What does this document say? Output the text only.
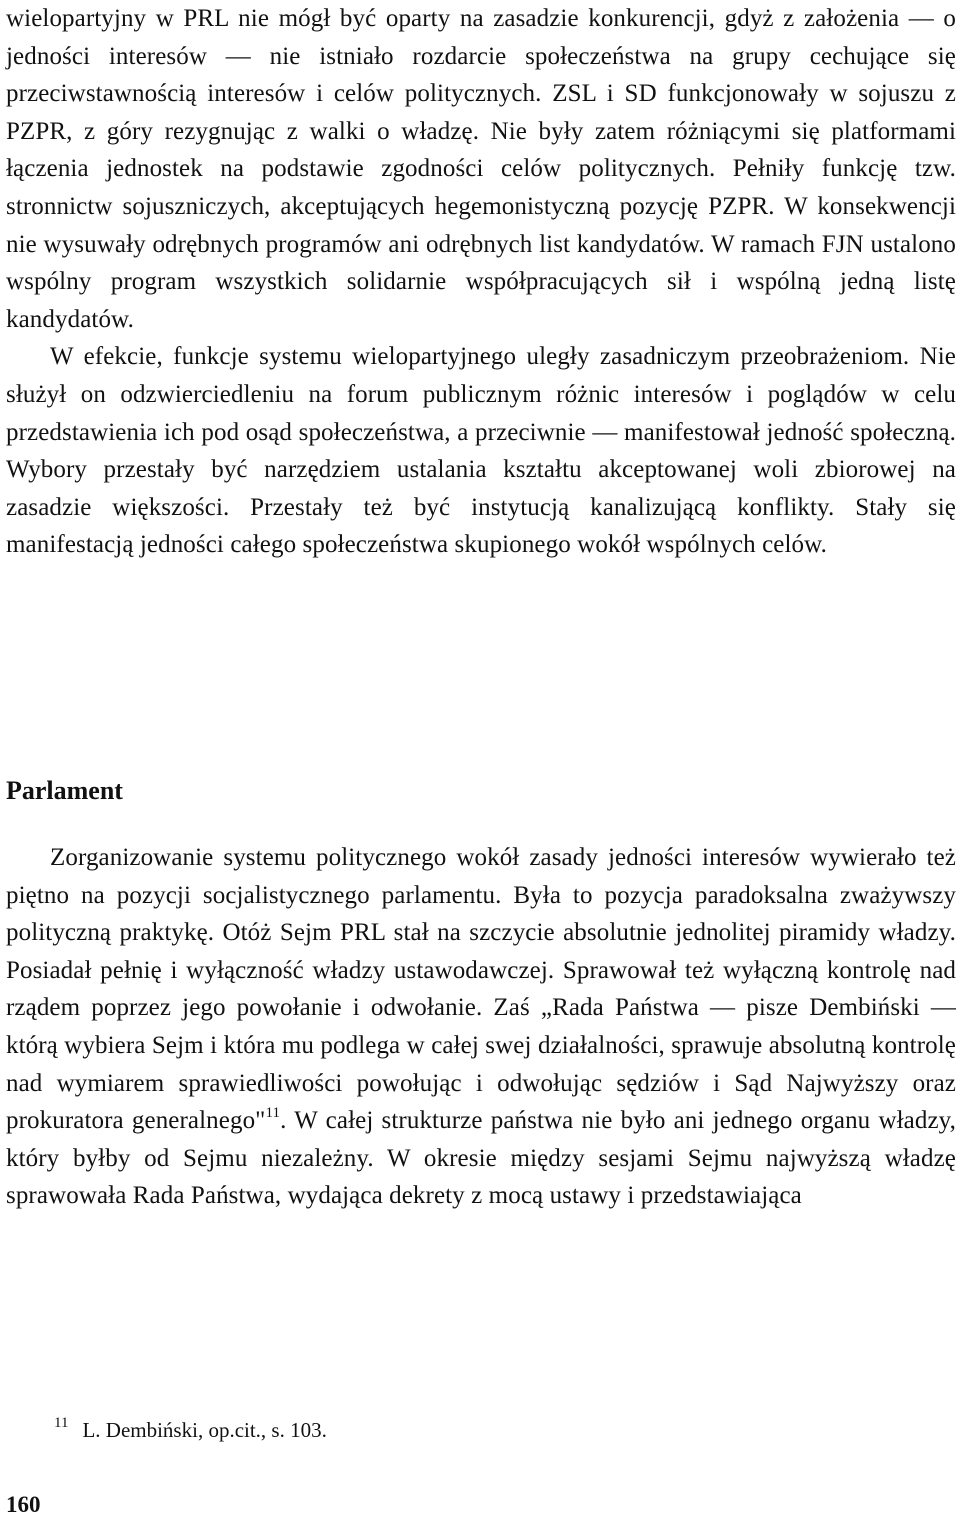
wielopartyjny w PRL nie mógł być oparty na zasadzie konkurencji, gdyż z założenia — o jedności interesów — nie istniało rozdarcie społeczeństwa na grupy cechujące się przeciwstawnością interesów i celów politycznych. ZSL i SD funkcjonowały w sojuszu z PZPR, z góry rezygnując z walki o władzę. Nie były zatem różniącymi się platformami łączenia jednostek na podstawie zgodności celów politycznych. Pełniły funkcję tzw. stronnictw sojuszniczych, akceptujących hegemonistyczną pozycję PZPR. W konsekwencji nie wysuwały odrębnych programów ani odrębnych list kandydatów. W ramach FJN ustalono wspólny program wszystkich solidarnie współpracujących sił i wspólną jedną listę kandydatów.

W efekcie, funkcje systemu wielopartyjnego uległy zasadniczym przeobrażeniom. Nie służył on odzwierciedleniu na forum publicznym różnic interesów i poglądów w celu przedstawienia ich pod osąd społeczeństwa, a przeciwnie — manifestował jedność społeczną. Wybory przestały być narzędziem ustalania kształtu akceptowanej woli zbiorowej na zasadzie większości. Przestały też być instytucją kanalizującą konflikty. Stały się manifestacją jedności całego społeczeństwa skupionego wokół wspólnych celów.

Parlament

Zorganizowanie systemu politycznego wokół zasady jedności interesów wywierało też piętno na pozycji socjalistycznego parlamentu. Była to pozycja paradoksalna zważywszy polityczną praktykę. Otóż Sejm PRL stał na szczycie absolutnie jednolitej piramidy władzy. Posiadał pełnię i wyłączność władzy ustawodawczej. Sprawował też wyłączną kontrolę nad rządem poprzez jego powołanie i odwołanie. Zaś „Rada Państwa — pisze Dembiński — którą wybiera Sejm i która mu podlega w całej swej działalności, sprawuje absolutną kontrolę nad wymiarem sprawiedliwości powołując i odwołując sędziów i Sąd Najwyższy oraz prokuratora generalnego"$^{11}$. W całej strukturze państwa nie było ani jednego organu władzy, który byłby od Sejmu niezależny. W okresie między sesjami Sejmu najwyższą władzę sprawowała Rada Państwa, wydająca dekrety z mocą ustawy i przedstawiająca

$^{11}$ L. Dembiński, op.cit., s. 103.

160
